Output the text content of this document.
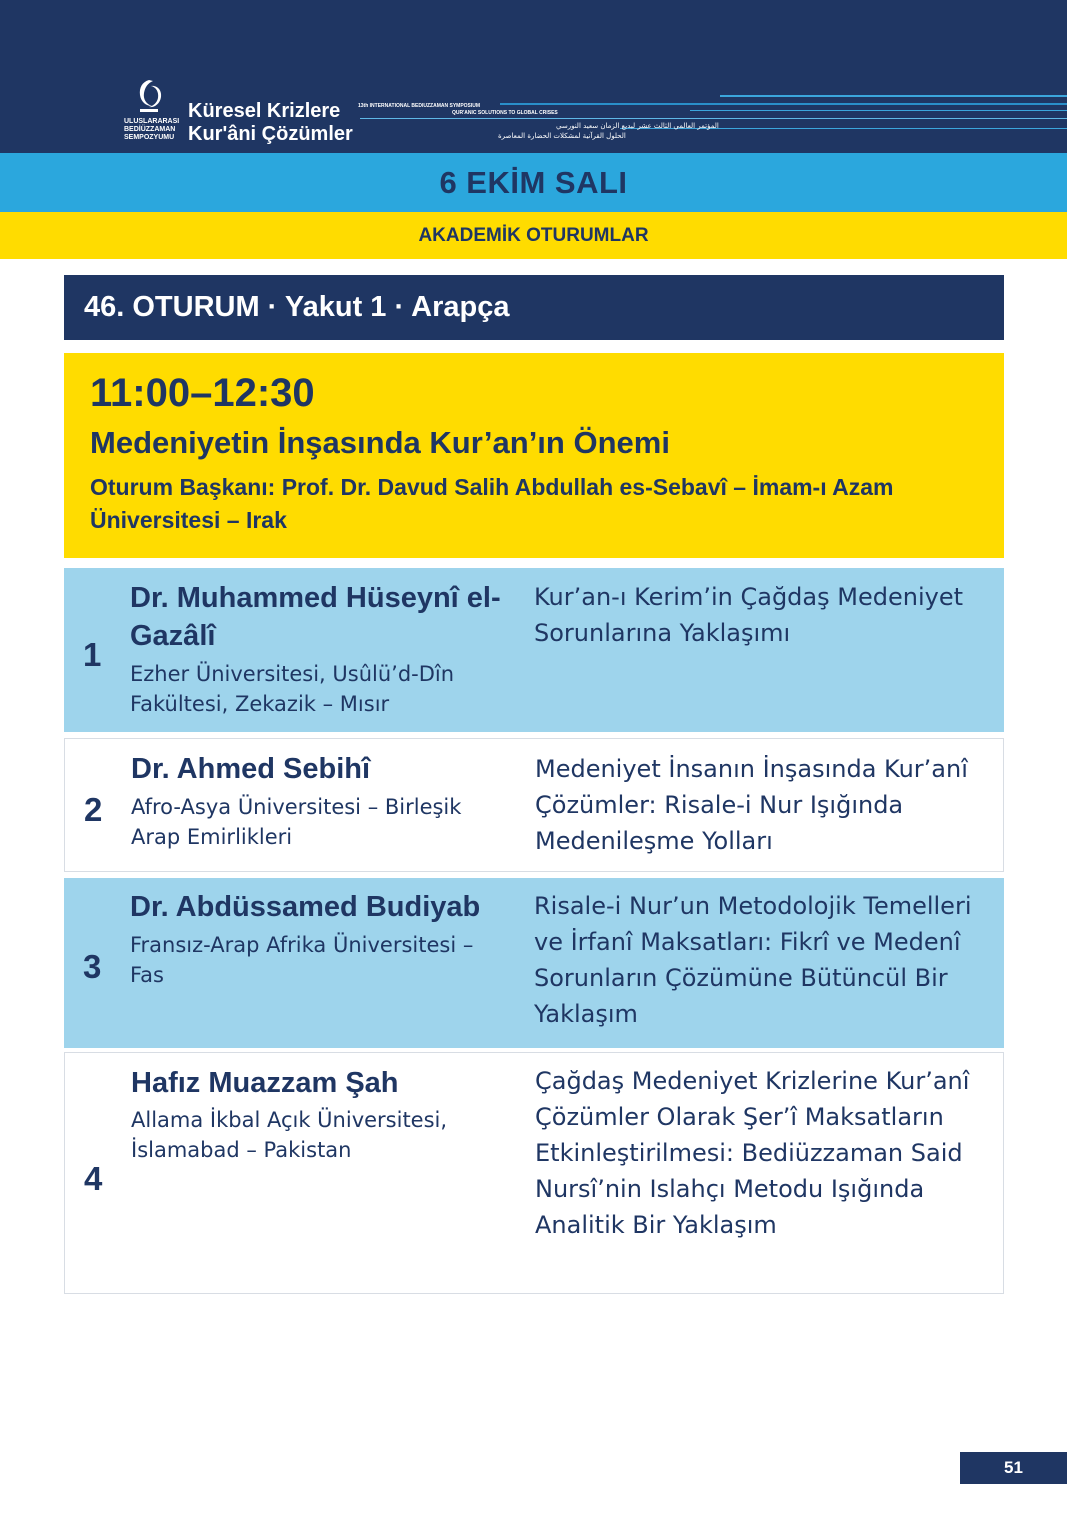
ULUSLARARASI BEDİÜZZAMAN SEMPOZYUMU
Küresel Krizlere
Kur'âni Çözümler
13th INTERNATIONAL BEDIUZZAMAN SYMPOSIUM
QUR'ANIC SOLUTIONS TO GLOBAL CRISES
المؤتمر العالمي الثالث عشر لبديع الزمان سعيد النورسي
الحلول القرآنية لمشكلات الحضارة المعاصرة
6 EKİM SALI
AKADEMİK OTURUMLAR
46. OTURUM · Yakut 1 · Arapça
11:00–12:30
Medeniyetin İnşasında Kur’an’ın Önemi
Oturum Başkanı: Prof. Dr. Davud Salih Abdullah es-Sebavî – İmam-ı Azam Üniversitesi – Irak
1
Dr. Muhammed Hüseynî el-Gazâlî
Ezher Üniversitesi, Usûlü’d-Dîn Fakültesi, Zekazik – Mısır
Kur’an-ı Kerim’in Çağdaş Medeniyet Sorunlarına Yaklaşımı
2
Dr. Ahmed Sebihî
Afro-Asya Üniversitesi – Birleşik Arap Emirlikleri
Medeniyet İnsanın İnşasında Kur’anî Çözümler: Risale-i Nur Işığında Medenileşme Yolları
3
Dr. Abdüssamed Budiyab
Fransız-Arap Afrika Üniversitesi – Fas
Risale-i Nur’un Metodolojik Temelleri ve İrfanî Maksatları: Fikrî ve Medenî Sorunların Çözümüne Bütüncül Bir Yaklaşım
4
Hafız Muazzam Şah
Allama İkbal Açık Üniversitesi, İslamabad – Pakistan
Çağdaş Medeniyet Krizlerine Kur’anî Çözümler Olarak Şer’î Maksatların Etkinleştirilmesi: Bediüzzaman Said Nursî’nin Islahçı Metodu Işığında Analitik Bir Yaklaşım
51
